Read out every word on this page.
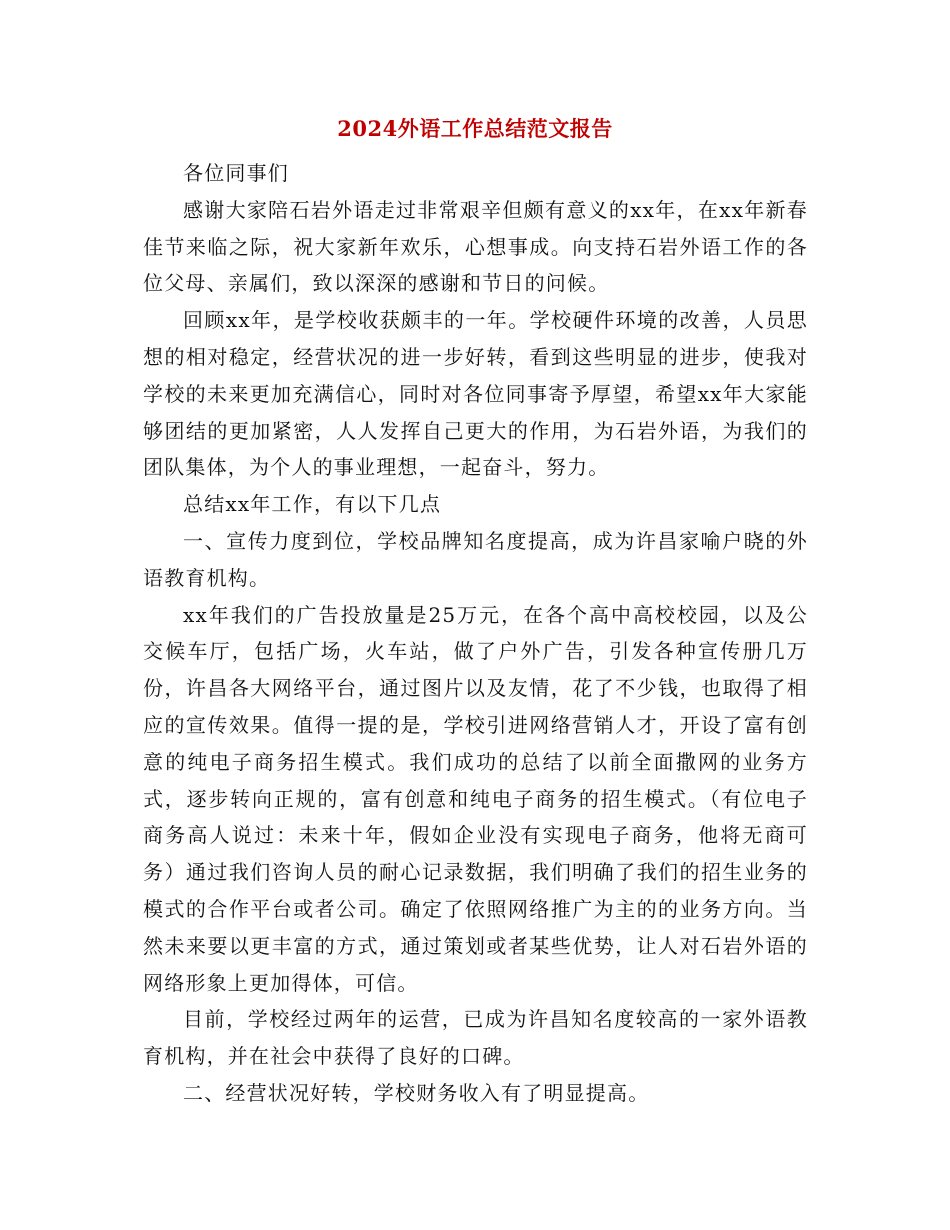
2024外语工作总结范文报告

各位同事们

感谢大家陪石岩外语走过非常艰辛但颇有意义的xx年，在xx年新春佳节来临之际，祝大家新年欢乐，心想事成。向支持石岩外语工作的各位父母、亲属们，致以深深的感谢和节日的问候。

回顾xx年，是学校收获颇丰的一年。学校硬件环境的改善，人员思想的相对稳定，经营状况的进一步好转，看到这些明显的进步，使我对学校的未来更加充满信心，同时对各位同事寄予厚望，希望xx年大家能够团结的更加紧密，人人发挥自己更大的作用，为石岩外语，为我们的团队集体，为个人的事业理想，一起奋斗，努力。

总结xx年工作，有以下几点

一、宣传力度到位，学校品牌知名度提高，成为许昌家喻户晓的外语教育机构。

xx年我们的广告投放量是25万元，在各个高中高校校园，以及公交候车厅，包括广场，火车站，做了户外广告，引发各种宣传册几万份，许昌各大网络平台，通过图片以及友情，花了不少钱，也取得了相应的宣传效果。值得一提的是，学校引进网络营销人才，开设了富有创意的纯电子商务招生模式。我们成功的总结了以前全面撒网的业务方式，逐步转向正规的，富有创意和纯电子商务的招生模式。（有位电子商务高人说过：未来十年，假如企业没有实现电子商务，他将无商可务）通过我们咨询人员的耐心记录数据，我们明确了我们的招生业务的模式的合作平台或者公司。确定了依照网络推广为主的的业务方向。当然未来要以更丰富的方式，通过策划或者某些优势，让人对石岩外语的网络形象上更加得体，可信。

目前，学校经过两年的运营，已成为许昌知名度较高的一家外语教育机构，并在社会中获得了良好的口碑。

二、经营状况好转，学校财务收入有了明显提高。
